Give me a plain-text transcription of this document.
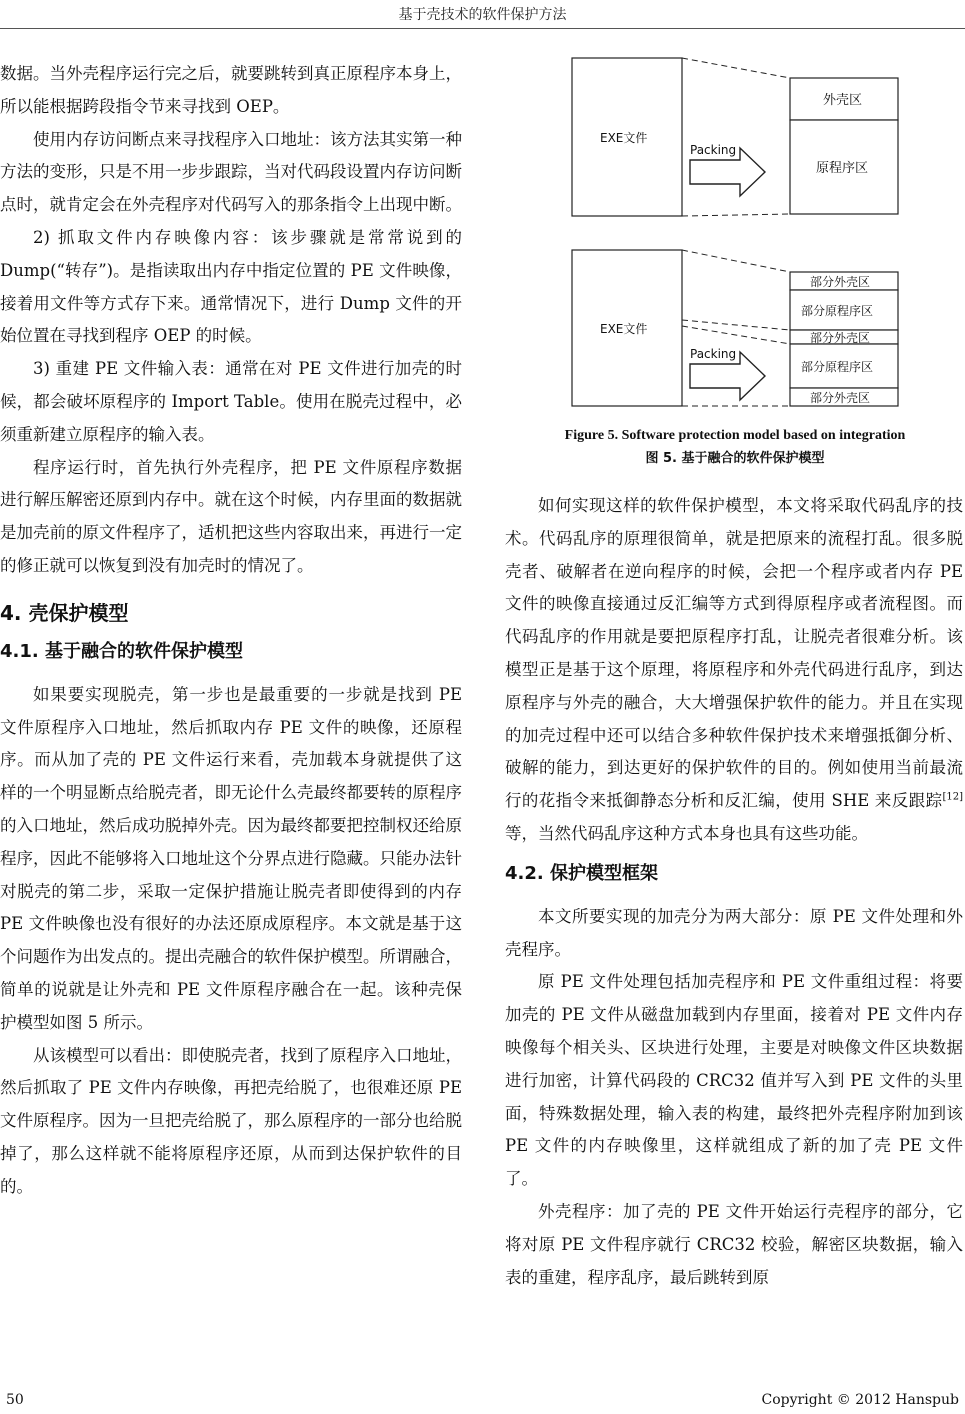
基于壳技术的软件保护方法

数据。当外壳程序运行完之后，就要跳转到真正原程序本身上，所以能根据跨段指令节来寻找到 OEP。

使用内存访问断点来寻找程序入口地址：该方法其实第一种方法的变形，只是不用一步步跟踪，当对代码段设置内存访问断点时，就肯定会在外壳程序对代码写入的那条指令上出现中断。

2) 抓取文件内存映像内容：该步骤就是常常说到的 Dump(“转存”)。是指读取出内存中指定位置的 PE 文件映像，接着用文件等方式存下来。通常情况下，进行 Dump 文件的开始位置在寻找到程序 OEP 的时候。

3) 重建 PE 文件输入表：通常在对 PE 文件进行加壳的时候，都会破坏原程序的 Import Table。使用在脱壳过程中，必须重新建立原程序的输入表。

程序运行时，首先执行外壳程序，把 PE 文件原程序数据进行解压解密还原到内存中。就在这个时候，内存里面的数据就是加壳前的原文件程序了，适机把这些内容取出来，再进行一定的修正就可以恢复到没有加壳时的情况了。

4. 壳保护模型

4.1. 基于融合的软件保护模型

如果要实现脱壳，第一步也是最重要的一步就是找到 PE 文件原程序入口地址，然后抓取内存 PE 文件的映像，还原程序。而从加了壳的 PE 文件运行来看，壳加载本身就提供了这样的一个明显断点给脱壳者，即无论什么壳最终都要转的原程序的入口地址，然后成功脱掉外壳。因为最终都要把控制权还给原程序，因此不能够将入口地址这个分界点进行隐藏。只能办法针对脱壳的第二步，采取一定保护措施让脱壳者即使得到的内存 PE 文件映像也没有很好的办法还原成原程序。本文就是基于这个问题作为出发点的。提出壳融合的软件保护模型。所谓融合，简单的说就是让外壳和 PE 文件原程序融合在一起。该种壳保护模型如图 5 所示。

从该模型可以看出：即使脱壳者，找到了原程序入口地址，然后抓取了 PE 文件内存映像，再把壳给脱了，也很难还原 PE 文件原程序。因为一旦把壳给脱了，那么原程序的一部分也给脱掉了，那么这样就不能将原程序还原，从而到达保护软件的目的。

EXE文件
Packing
外壳区
原程序区
EXE文件
Packing
部分外壳区
部分原程序区
部分外壳区
部分原程序区
部分外壳区
Figure 5. Software protection model based on integration
图 5. 基于融合的软件保护模型

如何实现这样的软件保护模型，本文将采取代码乱序的技术。代码乱序的原理很简单，就是把原来的流程打乱。很多脱壳者、破解者在逆向程序的时候，会把一个程序或者内存 PE 文件的映像直接通过反汇编等方式到得原程序或者流程图。而代码乱序的作用就是要把原程序打乱，让脱壳者很难分析。该模型正是基于这个原理，将原程序和外壳代码进行乱序，到达原程序与外壳的融合，大大增强保护软件的能力。并且在实现的加壳过程中还可以结合多种软件保护技术来增强抵御分析、破解的能力，到达更好的保护软件的目的。例如使用当前最流行的花指令来抵御静态分析和反汇编，使用 SHE 来反跟踪[12]等，当然代码乱序这种方式本身也具有这些功能。

4.2. 保护模型框架

本文所要实现的加壳分为两大部分：原 PE 文件处理和外壳程序。

原 PE 文件处理包括加壳程序和 PE 文件重组过程：将要加壳的 PE 文件从磁盘加载到内存里面，接着对 PE 文件内存映像每个相关头、区块进行处理，主要是对映像文件区块数据进行加密，计算代码段的 CRC32 值并写入到 PE 文件的头里面，特殊数据处理，输入表的构建，最终把外壳程序附加到该 PE 文件的内存映像里，这样就组成了新的加了壳 PE 文件了。

外壳程序：加了壳的 PE 文件开始运行壳程序的部分，它将对原 PE 文件程序就行 CRC32 校验，解密区块数据，输入表的重建，程序乱序，最后跳转到原

50	Copyright © 2012 Hanspub
